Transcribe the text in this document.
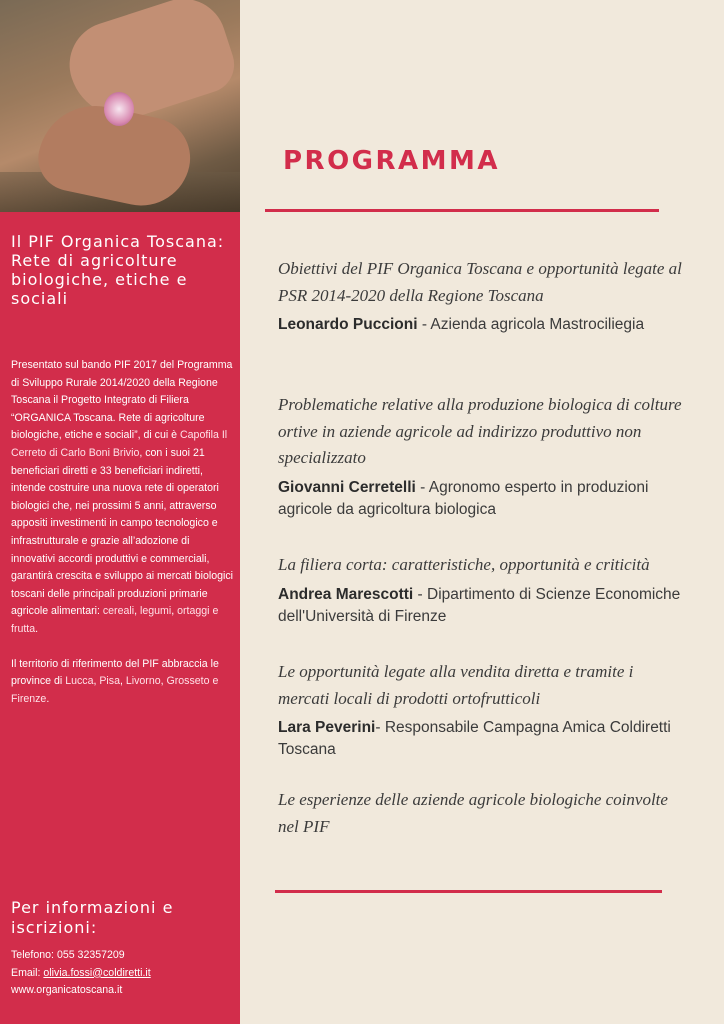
Il PIF Organica Toscana: Rete di agricolture biologiche, etiche e sociali

Presentato sul bando PIF 2017 del Programma di Sviluppo Rurale 2014/2020 della Regione Toscana il Progetto Integrato di Filiera “ORGANICA Toscana. Rete di agricolture biologiche, etiche e sociali”, di cui è Capofila Il Cerreto di Carlo Boni Brivio, con i suoi 21 beneficiari diretti e 33 beneficiari indiretti, intende costruire una nuova rete di operatori biologici che, nei prossimi 5 anni, attraverso appositi investimenti in campo tecnologico e infrastrutturale e grazie all’adozione di innovativi accordi produttivi e commerciali, garantirà crescita e sviluppo ai mercati biologici toscani delle principali produzioni primarie agricole alimentari: cereali, legumi, ortaggi e frutta.

Il territorio di riferimento del PIF abbraccia le province di Lucca, Pisa, Livorno, Grosseto e Firenze.

Per informazioni e iscrizioni:
Telefono: 055 32357209
Email: olivia.fossi@coldiretti.it
www.organicatoscana.it
PROGRAMMA

Obiettivi del PIF Organica Toscana e opportunità legate al PSR 2014-2020 della Regione Toscana

Leonardo Puccioni - Azienda agricola Mastrociliegia

Problematiche relative alla produzione biologica di colture ortive in aziende agricole ad indirizzo produttivo non specializzato

Giovanni Cerretelli - Agronomo esperto in produzioni agricole da agricoltura biologica

La filiera corta: caratteristiche, opportunità e criticità

Andrea Marescotti - Dipartimento di Scienze Economiche dell'Università di Firenze

Le opportunità legate alla vendita diretta e tramite i mercati locali di prodotti ortofrutticoli

Lara Peverini- Responsabile Campagna Amica Coldiretti Toscana

Le esperienze delle aziende agricole biologiche coinvolte nel PIF
